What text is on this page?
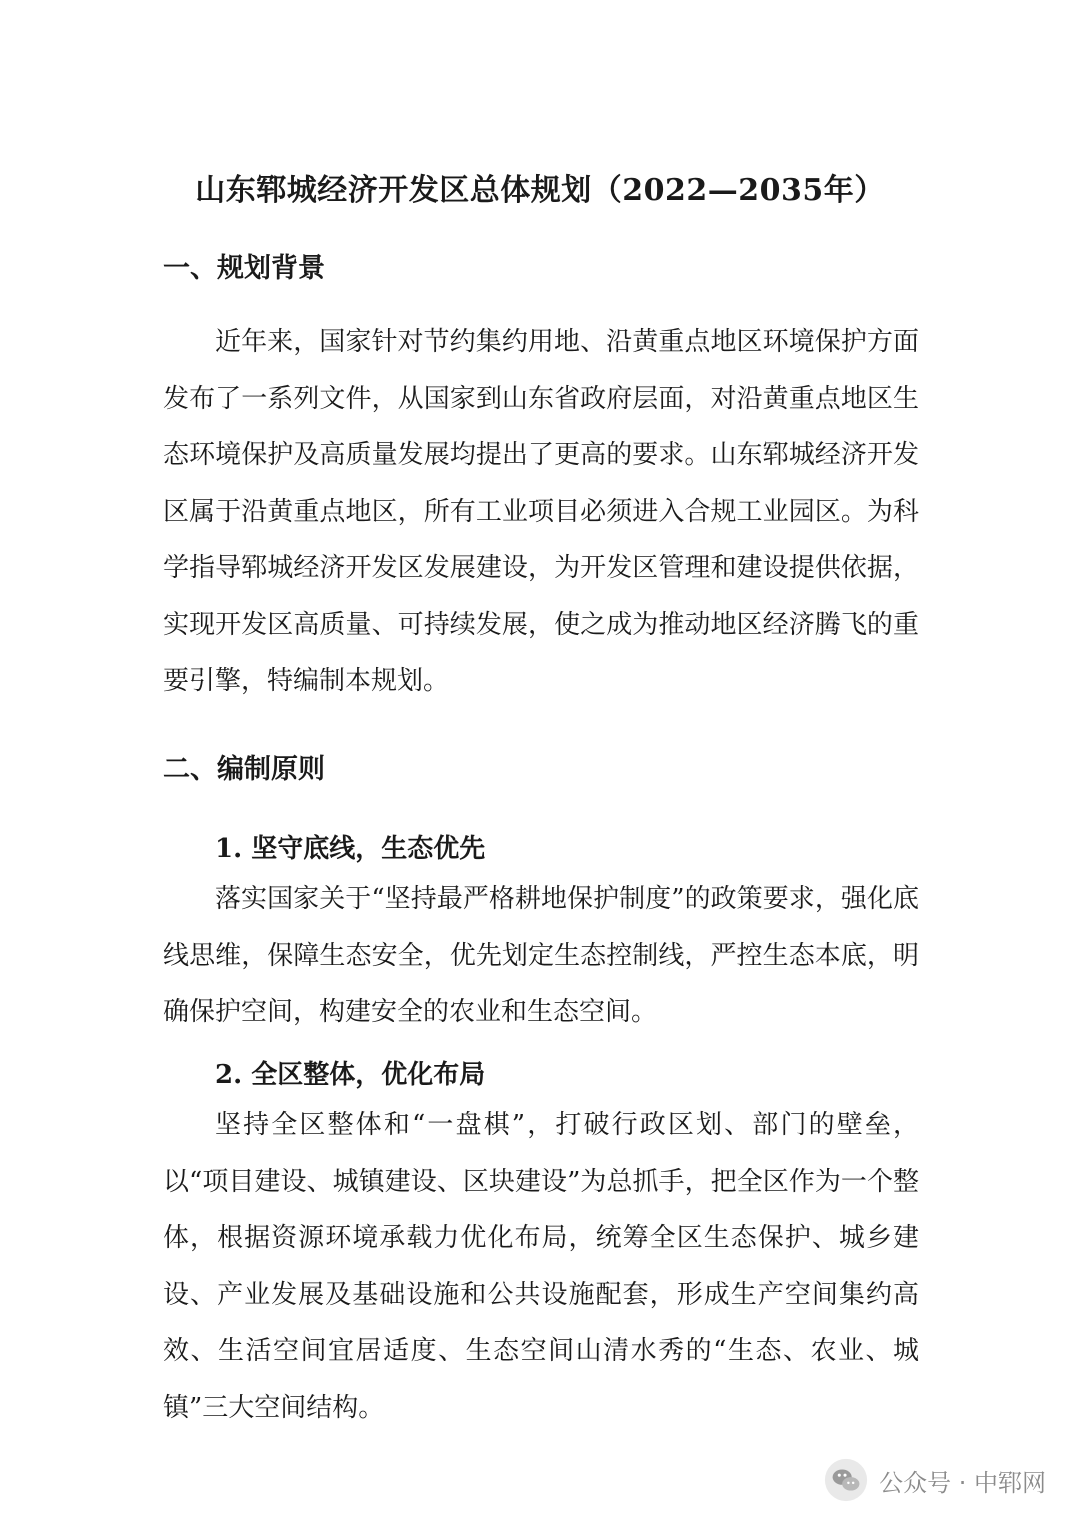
山东郓城经济开发区总体规划（2022—2035年）
一、规划背景

近年来，国家针对节约集约用地、沿黄重点地区环境保护方面发布了一系列文件，从国家到山东省政府层面，对沿黄重点地区生态环境保护及高质量发展均提出了更高的要求。山东郓城经济开发区属于沿黄重点地区，所有工业项目必须进入合规工业园区。为科学指导郓城经济开发区发展建设，为开发区管理和建设提供依据，实现开发区高质量、可持续发展，使之成为推动地区经济腾飞的重要引擎，特编制本规划。

二、编制原则
1. 坚守底线，生态优先

落实国家关于“坚持最严格耕地保护制度”的政策要求，强化底线思维，保障生态安全，优先划定生态控制线，严控生态本底，明确保护空间，构建安全的农业和生态空间。

2. 全区整体，优化布局

坚持全区整体和“一盘棋”，打破行政区划、部门的壁垒，以“项目建设、城镇建设、区块建设”为总抓手，把全区作为一个整体，根据资源环境承载力优化布局，统筹全区生态保护、城乡建设、产业发展及基础设施和公共设施配套，形成生产空间集约高效、生活空间宜居适度、生态空间山清水秀的“生态、农业、城镇”三大空间结构。

公众号 · 中郓网
